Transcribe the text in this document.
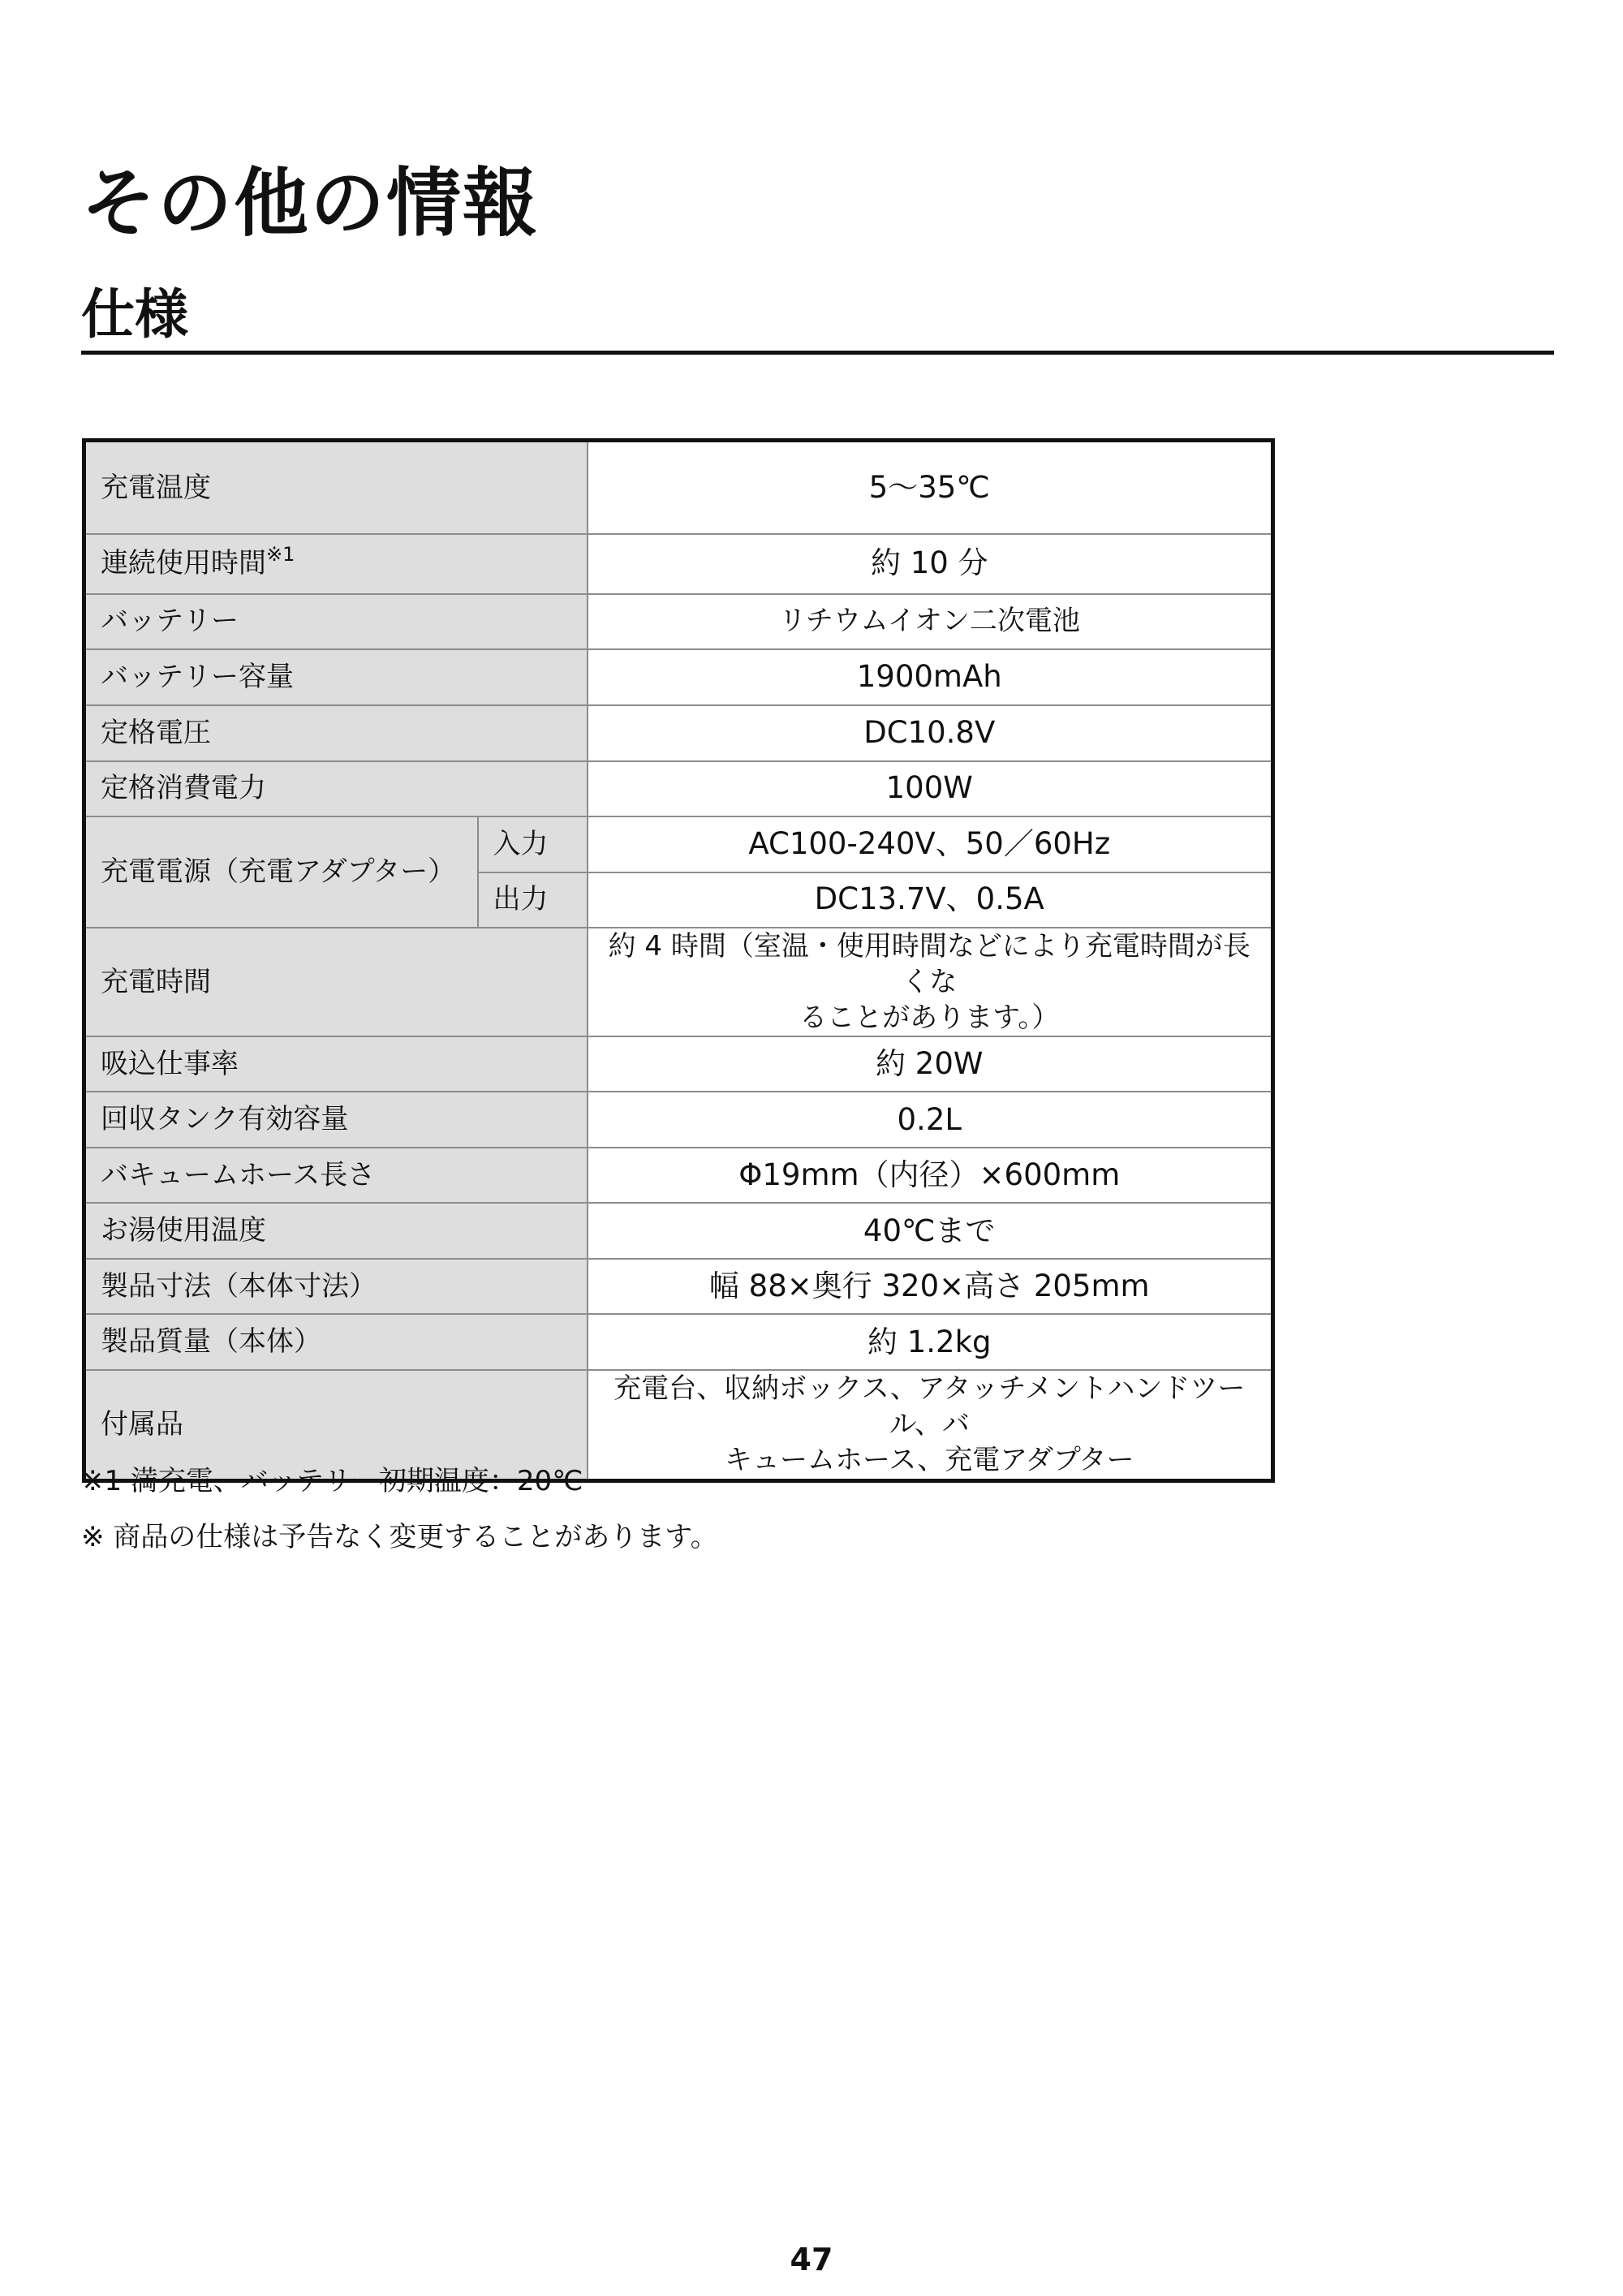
その他の情報
仕様
充電温度		5～35℃
連続使用時間$^{※1}$		約 10 分
バッテリー		リチウムイオン二次電池
バッテリー容量		1900mAh
定格電圧		DC10.8V
定格消費電力		100W
充電電源（充電アダプター）	入力	AC100-240V、50／60Hz
	出力	DC13.7V、0.5A
充電時間		約 4 時間（室温・使用時間などにより充電時間が長くな
ることがあります。）

吸込仕事率		約 20W
回収タンク有効容量		0.2L
バキュームホース長さ		Φ19mm（内径）×600mm
お湯使用温度		40℃まで
製品寸法（本体寸法）		幅 88×奥行 320×高さ 205mm
製品質量（本体）		約 1.2kg
付属品		充電台、収納ボックス、アタッチメントハンドツール、バ
キュームホース、充電アダプター
※1 満充電、バッテリー初期温度：20℃
※ 商品の仕様は予告なく変更することがあります。
47
